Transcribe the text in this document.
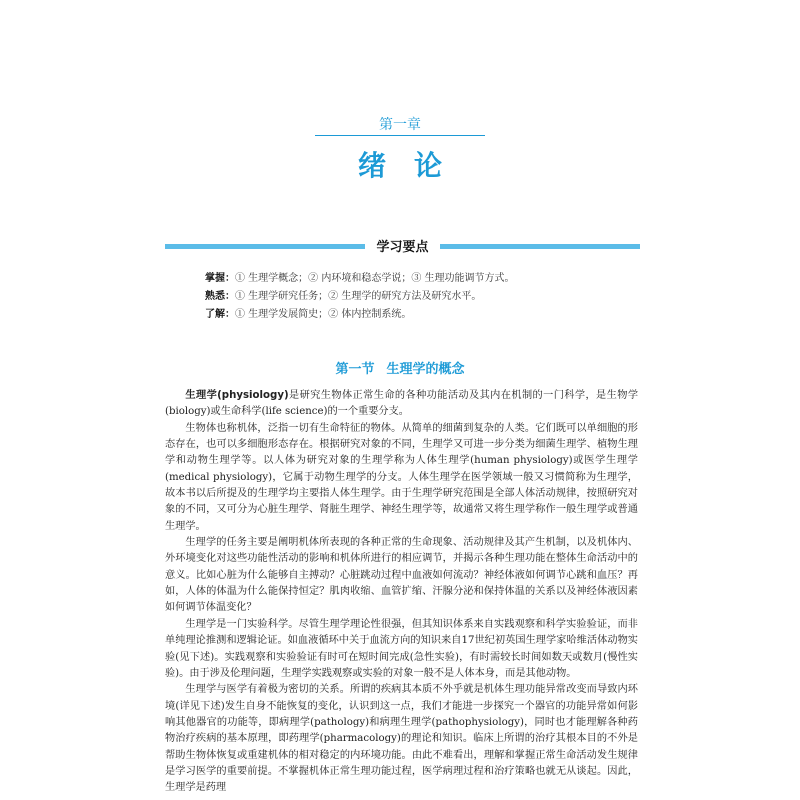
第一章
绪论
学习要点
掌握：① 生理学概念；② 内环境和稳态学说；③ 生理功能调节方式。
熟悉：① 生理学研究任务；② 生理学的研究方法及研究水平。
了解：① 生理学发展简史；② 体内控制系统。
第一节 生理学的概念

生理学(physiology)是研究生物体正常生命的各种功能活动及其内在机制的一门科学，是生物学(biology)或生命科学(life science)的一个重要分支。

生物体也称机体，泛指一切有生命特征的物体。从简单的细菌到复杂的人类。它们既可以单细胞的形态存在，也可以多细胞形态存在。根据研究对象的不同，生理学又可进一步分类为细菌生理学、植物生理学和动物生理学等。以人体为研究对象的生理学称为人体生理学(human physiology)或医学生理学(medical physiology)，它属于动物生理学的分支。人体生理学在医学领域一般又习惯简称为生理学，故本书以后所提及的生理学均主要指人体生理学。由于生理学研究范围是全部人体活动规律，按照研究对象的不同，又可分为心脏生理学、肾脏生理学、神经生理学等，故通常又将生理学称作一般生理学或普通生理学。

生理学的任务主要是阐明机体所表现的各种正常的生命现象、活动规律及其产生机制，以及机体内、外环境变化对这些功能性活动的影响和机体所进行的相应调节，并揭示各种生理功能在整体生命活动中的意义。比如心脏为什么能够自主搏动？心脏跳动过程中血液如何流动？神经体液如何调节心跳和血压？再如，人体的体温为什么能保持恒定？肌肉收缩、血管扩缩、汗腺分泌和保持体温的关系以及神经体液因素如何调节体温变化？

生理学是一门实验科学。尽管生理学理论性很强，但其知识体系来自实践观察和科学实验验证，而非单纯理论推测和逻辑论证。如血液循环中关于血流方向的知识来自17世纪初英国生理学家哈维活体动物实验(见下述)。实践观察和实验验证有时可在短时间完成(急性实验)，有时需较长时间如数天或数月(慢性实验)。由于涉及伦理问题，生理学实践观察或实验的对象一般不是人体本身，而是其他动物。

生理学与医学有着极为密切的关系。所谓的疾病其本质不外乎就是机体生理功能异常改变而导致内环境(详见下述)发生自身不能恢复的变化，认识到这一点，我们才能进一步探究一个器官的功能异常如何影响其他器官的功能等，即病理学(pathology)和病理生理学(pathophysiology)，同时也才能理解各种药物治疗疾病的基本原理，即药理学(pharmacology)的理论和知识。临床上所谓的治疗其根本目的不外是帮助生物体恢复或重建机体的相对稳定的内环境功能。由此不难看出，理解和掌握正常生命活动发生规律是学习医学的重要前提。不掌握机体正常生理功能过程，医学病理过程和治疗策略也就无从谈起。因此，生理学是药理
